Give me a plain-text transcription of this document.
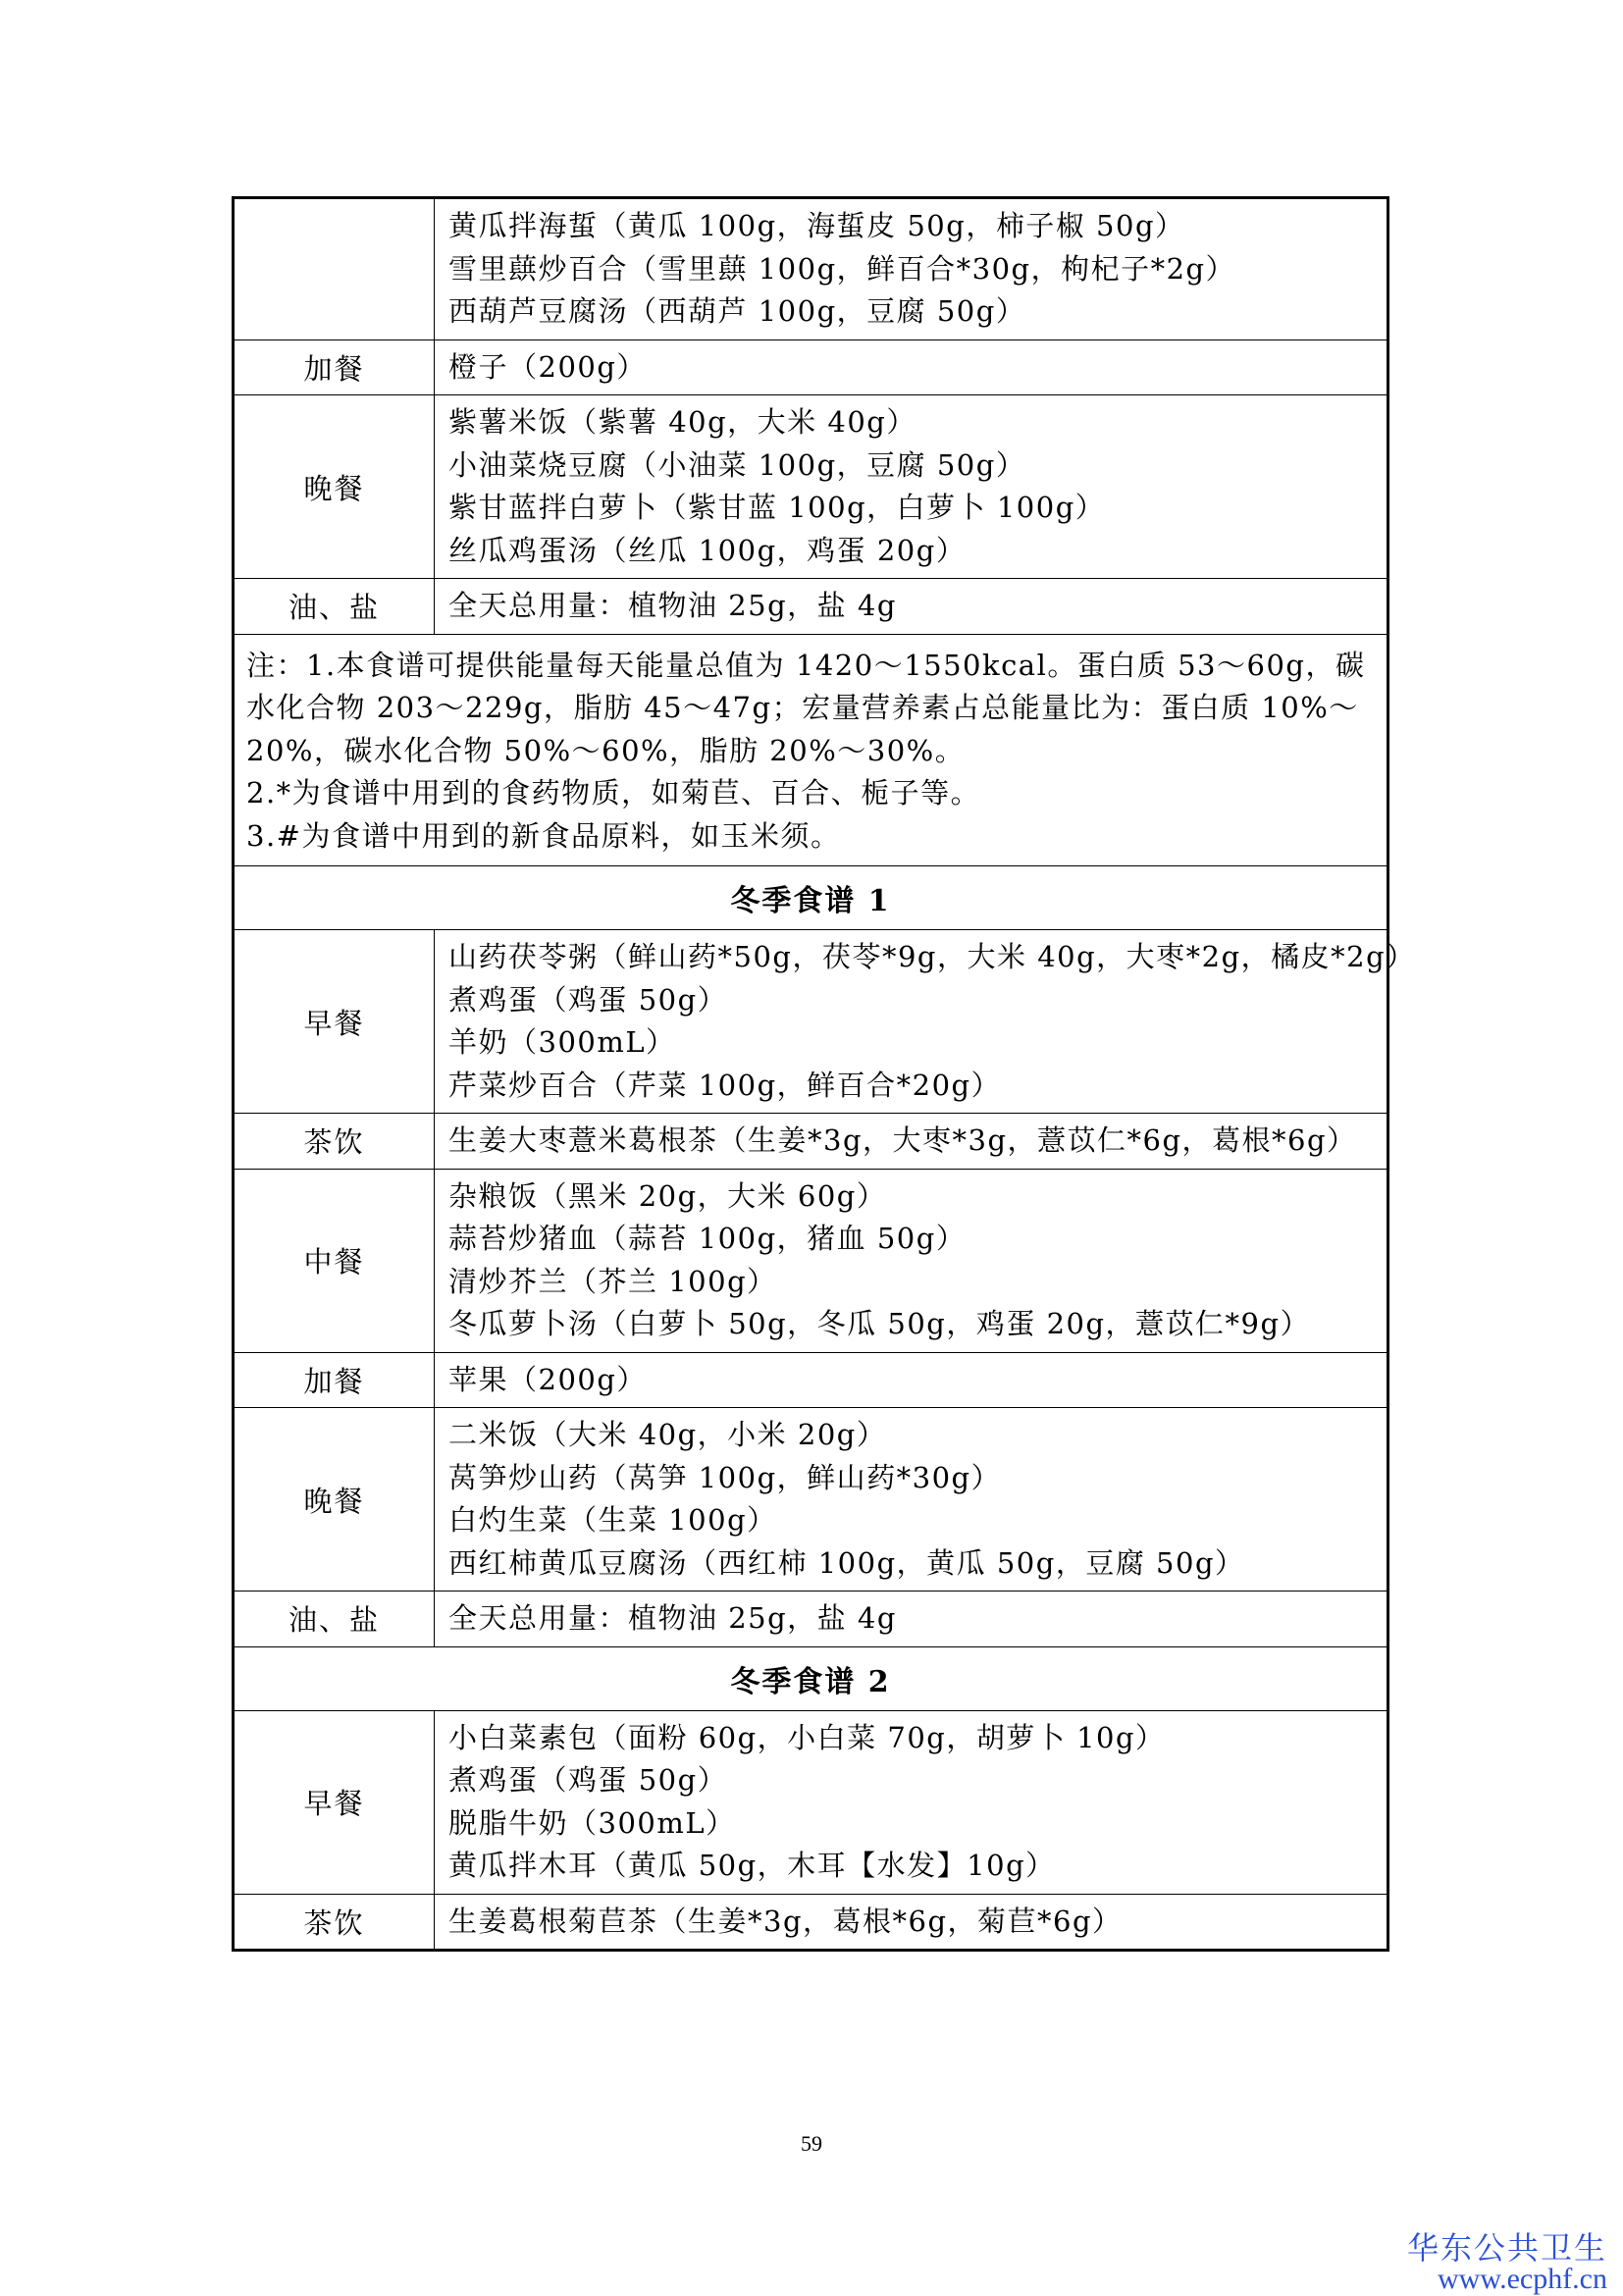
	黄瓜拌海蜇（黄瓜 100g，海蜇皮 50g，柿子椒 50g）
雪里蕻炒百合（雪里蕻 100g，鲜百合*30g，枸杞子*2g）
西葫芦豆腐汤（西葫芦 100g，豆腐 50g）

加餐	橙子（200g）

晚餐	紫薯米饭（紫薯 40g，大米 40g）
小油菜烧豆腐（小油菜 100g，豆腐 50g）
紫甘蓝拌白萝卜（紫甘蓝 100g，白萝卜 100g）
丝瓜鸡蛋汤（丝瓜 100g，鸡蛋 20g）

油、盐	全天总用量：植物油 25g，盐 4g

注：1.本食谱可提供能量每天能量总值为 1420～1550kcal。蛋白质 53～60g，碳水化合物 203～229g，脂肪 45～47g；宏量营养素占总能量比为：蛋白质 10%～20%，碳水化合物 50%～60%，脂肪 20%～30%。
2.*为食谱中用到的食药物质，如菊苣、百合、栀子等。
3.#为食谱中用到的新食品原料，如玉米须。	

冬季食谱 1	
早餐	山药茯苓粥（鲜山药*50g，茯苓*9g，大米 40g，大枣*2g，橘皮*2g）
煮鸡蛋（鸡蛋 50g）
羊奶（300mL）
芹菜炒百合（芹菜 100g，鲜百合*20g）

茶饮	生姜大枣薏米葛根茶（生姜*3g，大枣*3g，薏苡仁*6g，葛根*6g）

中餐	杂粮饭（黑米 20g，大米 60g）
蒜苔炒猪血（蒜苔 100g，猪血 50g）
清炒芥兰（芥兰 100g）
冬瓜萝卜汤（白萝卜 50g，冬瓜 50g，鸡蛋 20g，薏苡仁*9g）

加餐	苹果（200g）

晚餐	二米饭（大米 40g，小米 20g）
莴笋炒山药（莴笋 100g，鲜山药*30g）
白灼生菜（生菜 100g）
西红柿黄瓜豆腐汤（西红柿 100g，黄瓜 50g，豆腐 50g）

油、盐	全天总用量：植物油 25g，盐 4g

冬季食谱 2	
早餐	小白菜素包（面粉 60g，小白菜 70g，胡萝卜 10g）
煮鸡蛋（鸡蛋 50g）
脱脂牛奶（300mL）
黄瓜拌木耳（黄瓜 50g，木耳【水发】10g）

茶饮	生姜葛根菊苣茶（生姜*3g，葛根*6g，菊苣*6g）
59
华东公共卫生
www.ecphf.cn
